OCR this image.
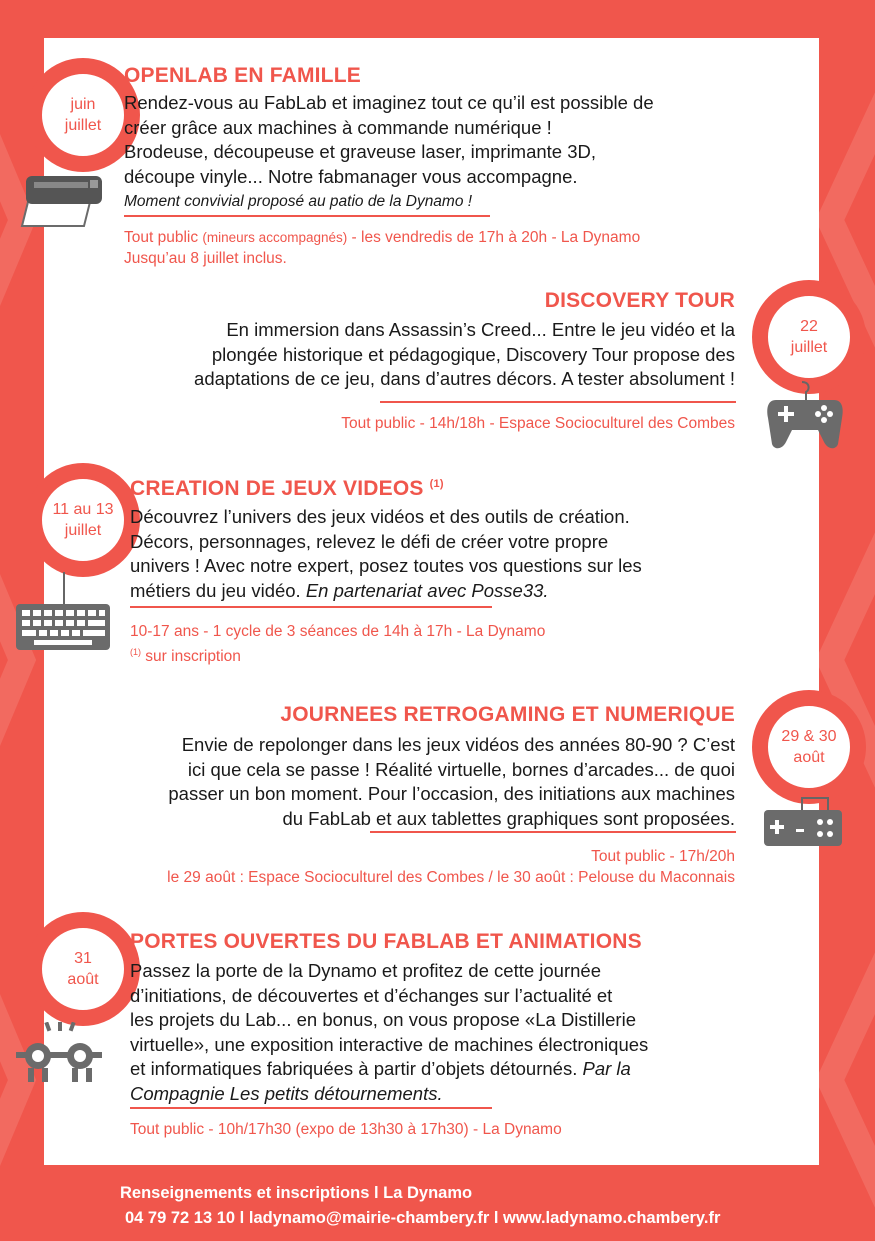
juin
juillet
OPENLAB EN FAMILLE
Rendez-vous au FabLab et imaginez tout ce qu’il est possible de
créer grâce aux machines à commande numérique !
Brodeuse, découpeuse et graveuse laser, imprimante 3D,
découpe vinyle... Notre fabmanager vous accompagne.
Moment convivial proposé au patio de la Dynamo !
Tout public (mineurs accompagnés) - les vendredis de 17h à 20h - La Dynamo
Jusqu’au 8 juillet inclus.
22
juillet
DISCOVERY TOUR
En immersion dans Assassin’s Creed... Entre le jeu vidéo et la
plongée historique et pédagogique, Discovery Tour propose des
adaptations de ce jeu, dans d’autres décors. A tester absolument !
Tout public - 14h/18h - Espace Socioculturel des Combes
11 au 13
juillet
CREATION DE JEUX VIDEOS $^{(1)}$
Découvrez l’univers des jeux vidéos et des outils de création.
Décors, personnages, relevez le défi de créer votre propre
univers ! Avec notre expert, posez toutes vos questions sur les
métiers du jeu vidéo. En partenariat avec Posse33.
10-17 ans - 1 cycle de 3 séances de 14h à 17h - La Dynamo
$^{(1)}$ sur inscription
29 & 30
août
JOURNEES RETROGAMING ET NUMERIQUE
Envie de repolonger dans les jeux vidéos des années 80-90 ? C’est
ici que cela se passe ! Réalité virtuelle, bornes d’arcades... de quoi
passer un bon moment. Pour l’occasion, des initiations aux machines
du FabLab et aux tablettes graphiques sont proposées.
Tout public - 17h/20h
le 29 août : Espace Socioculturel des Combes / le 30 août : Pelouse du Maconnais
31
août
PORTES OUVERTES DU FABLAB ET ANIMATIONS
Passez la porte de la Dynamo et profitez de cette journée
d’initiations, de découvertes et d’échanges sur l’actualité et
les projets du Lab... en bonus, on vous propose «La Distillerie
virtuelle», une exposition interactive de machines électroniques
et informatiques fabriquées à partir d’objets détournés. Par la
Compagnie Les petits détournements.
Tout public - 10h/17h30 (expo de 13h30 à 17h30) - La Dynamo
Renseignements et inscriptions l La Dynamo
04 79 72 13 10 l ladynamo@mairie-chambery.fr l www.ladynamo.chambery.fr
